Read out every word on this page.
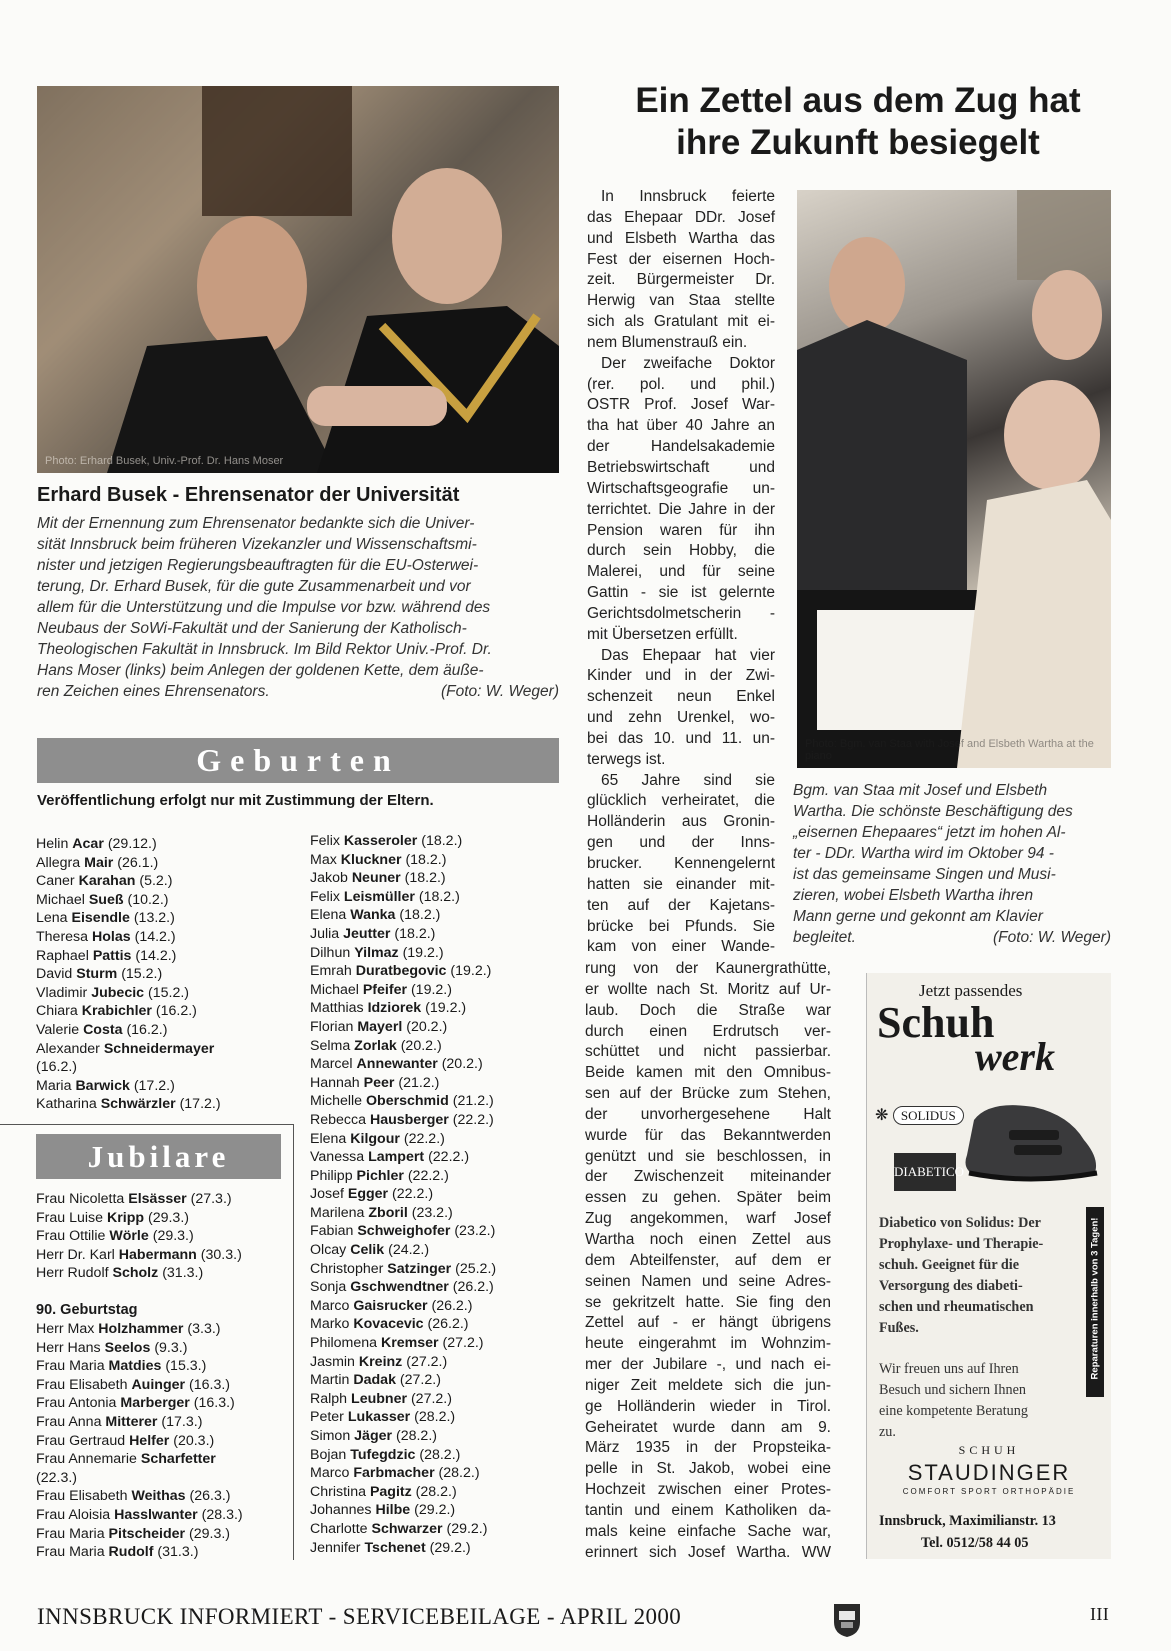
Photo: Erhard Busek, Univ.-Prof. Dr. Hans Moser
Erhard Busek - Ehrensenator der Universität
Mit der Ernennung zum Ehrensenator bedankte sich die Univer-
sität Innsbruck beim früheren Vizekanzler und Wissenschaftsmi-
nister und jetzigen Regierungsbeauftragten für die EU-Osterwei-
terung, Dr. Erhard Busek, für die gute Zusammenarbeit und vor
allem für die Unterstützung und die Impulse vor bzw. während des
Neubaus der SoWi-Fakultät und der Sanierung der Katholisch-
Theologischen Fakultät in Innsbruck. Im Bild Rektor Univ.-Prof. Dr.
Hans Moser (links) beim Anlegen der goldenen Kette, dem äuße-
ren Zeichen eines Ehrensenators.	(Foto: W. Weger)
Geburten
Veröffentlichung erfolgt nur mit Zustimmung der Eltern.
Helin Acar (29.12.)
Allegra Mair (26.1.)
Caner Karahan (5.2.)
Michael Sueß (10.2.)
Lena Eisendle (13.2.)
Theresa Holas (14.2.)
Raphael Pattis (14.2.)
David Sturm (15.2.)
Vladimir Jubecic (15.2.)
Chiara Krabichler (16.2.)
Valerie Costa (16.2.)
Alexander Schneidermayer
(16.2.)
Maria Barwick (17.2.)
Katharina Schwärzler (17.2.)
Felix Kasseroler (18.2.)
Max Kluckner (18.2.)
Jakob Neuner (18.2.)
Felix Leismüller (18.2.)
Elena Wanka (18.2.)
Julia Jeutter (18.2.)
Dilhun Yilmaz (19.2.)
Emrah Duratbegovic (19.2.)
Michael Pfeifer (19.2.)
Matthias Idziorek (19.2.)
Florian Mayerl (20.2.)
Selma Zorlak (20.2.)
Marcel Annewanter (20.2.)
Hannah Peer (21.2.)
Michelle Oberschmid (21.2.)
Rebecca Hausberger (22.2.)
Elena Kilgour (22.2.)
Vanessa Lampert (22.2.)
Philipp Pichler (22.2.)
Josef Egger (22.2.)
Marilena Zboril (23.2.)
Fabian Schweighofer (23.2.)
Olcay Celik (24.2.)
Christopher Satzinger (25.2.)
Sonja Gschwendtner (26.2.)
Marco Gaisrucker (26.2.)
Marko Kovacevic (26.2.)
Philomena Kremser (27.2.)
Jasmin Kreinz (27.2.)
Martin Dadak (27.2.)
Ralph Leubner (27.2.)
Peter Lukasser (28.2.)
Simon Jäger (28.2.)
Bojan Tufegdzic (28.2.)
Marco Farbmacher (28.2.)
Christina Pagitz (28.2.)
Johannes Hilbe (29.2.)
Charlotte Schwarzer (29.2.)
Jennifer Tschenet (29.2.)
Jubilare
Frau Nicoletta Elsässer (27.3.)
Frau Luise Kripp (29.3.)
Frau Ottilie Wörle (29.3.)
Herr Dr. Karl Habermann (30.3.)
Herr Rudolf Scholz (31.3.)
90. Geburtstag
Herr Max Holzhammer (3.3.)
Herr Hans Seelos (9.3.)
Frau Maria Matdies (15.3.)
Frau Elisabeth Auinger (16.3.)
Frau Antonia Marberger (16.3.)
Frau Anna Mitterer (17.3.)
Frau Gertraud Helfer (20.3.)
Frau Annemarie Scharfetter
(22.3.)
Frau Elisabeth Weithas (26.3.)
Frau Aloisia Hasslwanter (28.3.)
Frau Maria Pitscheider (29.3.)
Frau Maria Rudolf (31.3.)
Ein Zettel aus dem Zug hat
ihre Zukunft besiegelt
In Innsbruck feierte
das Ehepaar DDr. Josef
und Elsbeth Wartha das
Fest der eisernen Hoch-
zeit. Bürgermeister Dr.
Herwig van Staa stellte
sich als Gratulant mit ei-
nem Blumenstrauß ein.
Der zweifache Doktor
(rer. pol. und phil.)
OSTR Prof. Josef War-
tha hat über 40 Jahre an
der Handelsakademie
Betriebswirtschaft und
Wirtschaftsgeografie un-
terrichtet. Die Jahre in der
Pension waren für ihn
durch sein Hobby, die
Malerei, und für seine
Gattin - sie ist gelernte
Gerichtsdolmetscherin -
mit Übersetzen erfüllt.
Das Ehepaar hat vier
Kinder und in der Zwi-
schenzeit neun Enkel
und zehn Urenkel, wo-
bei das 10. und 11. un-
terwegs ist.
65 Jahre sind sie
glücklich verheiratet, die
Holländerin aus Gronin-
gen und der Inns-
brucker. Kennengelernt
hatten sie einander mit-
ten auf der Kajetans-
brücke bei Pfunds. Sie
kam von einer Wande-
rung von der Kaunergrathütte,
er wollte nach St. Moritz auf Ur-
laub. Doch die Straße war
durch einen Erdrutsch ver-
schüttet und nicht passierbar.
Beide kamen mit den Omnibus-
sen auf der Brücke zum Stehen,
der unvorhergesehene Halt
wurde für das Bekanntwerden
genützt und sie beschlossen, in
der Zwischenzeit miteinander
essen zu gehen. Später beim
Zug angekommen, warf Josef
Wartha noch einen Zettel aus
dem Abteilfenster, auf dem er
seinen Namen und seine Adres-
se gekritzelt hatte. Sie fing den
Zettel auf - er hängt übrigens
heute eingerahmt im Wohnzim-
mer der Jubilare -, und nach ei-
niger Zeit meldete sich die jun-
ge Holländerin wieder in Tirol.
Geheiratet wurde dann am 9.
März 1935 in der Propsteika-
pelle in St. Jakob, wobei eine
Hochzeit zwischen einer Protes-
tantin und einem Katholiken da-
mals keine einfache Sache war,
erinnert sich Josef Wartha. WW
Photo: Bgm. van Staa with Josef and Elsbeth Wartha at the piano
Bgm. van Staa mit Josef und Elsbeth
Wartha. Die schönste Beschäftigung des
„eisernen Ehepaares“ jetzt im hohen Al-
ter - DDr. Wartha wird im Oktober 94 -
ist das gemeinsame Singen und Musi-
zieren, wobei Elsbeth Wartha ihren
Mann gerne und gekonnt am Klavier
begleitet.	(Foto: W. Weger)
Jetzt passendes
Schuh
werk
❋ SOLIDUS
DIABETICO
Diabetico von Solidus: Der
Prophylaxe- und Therapie-
schuh. Geeignet für die
Versorgung des diabeti-
schen und rheumatischen
Fußes.
Wir freuen uns auf Ihren
Besuch und sichern Ihnen
eine kompetente Beratung
zu.
Reparaturen innerhalb von 3 Tagen!
SCHUH
STAUDINGER
COMFORT SPORT ORTHOPÄDIE
Innsbruck, Maximilianstr. 13
Tel. 0512/58 44 05
INNSBRUCK INFORMIERT - SERVICEBEILAGE - APRIL 2000	III
